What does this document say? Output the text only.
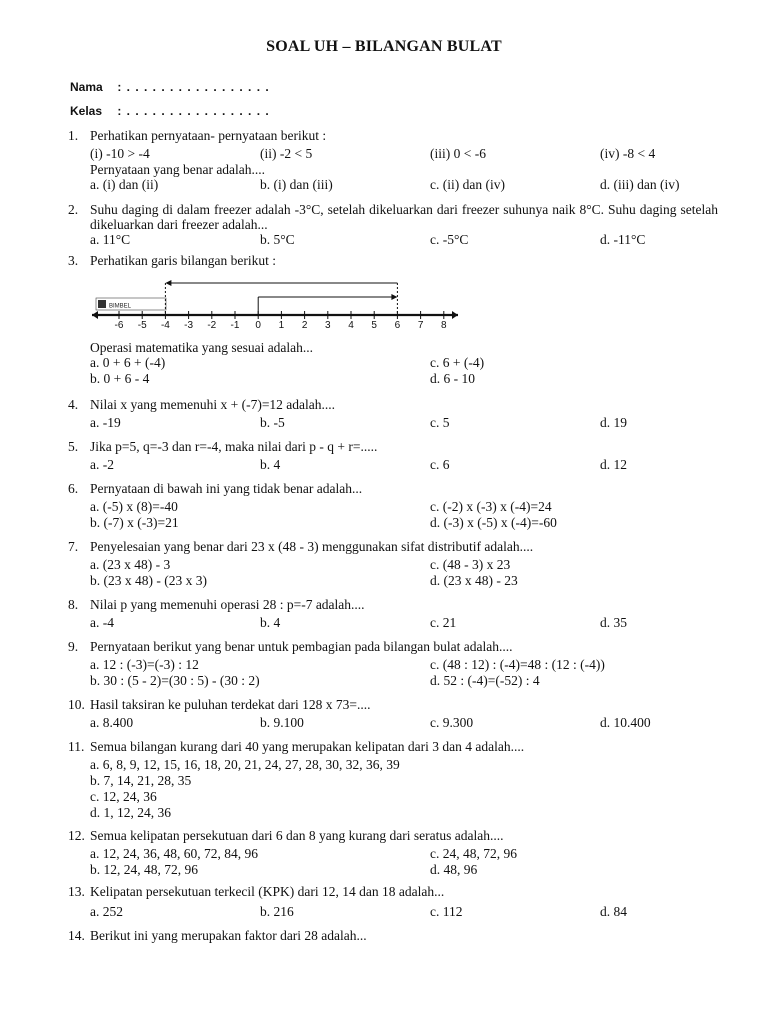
SOAL UH – BILANGAN BULAT
Nama : . . . . . . . . . . . . . . . . .
Kelas : . . . . . . . . . . . . . . . . .
1. Perhatikan pernyataan- pernyataan berikut :
(i) -10 > -4	(ii) -2 < 5	(iii) 0 < -6	(iv) -8 < 4
Pernyataan yang benar adalah....
a. (i) dan (ii)	b. (i) dan (iii)	c. (ii) dan (iv)	d. (iii) dan (iv)
2. Suhu daging di dalam freezer adalah -3°C, setelah dikeluarkan dari freezer suhunya naik 8°C. Suhu daging setelah dikeluarkan dari freezer adalah...
a. 11°C	b. 5°C	c. -5°C	d. -11°C
3. Perhatikan garis bilangan berikut :
BIMBEL
-6 -5 -4 -3 -2 -1 0 1 2 3 4 5 6 7 8
Operasi matematika yang sesuai adalah...
a. 0 + 6 + (-4)	c. 6 + (-4)
b. 0 + 6 - 4	d. 6 - 10
4. Nilai x yang memenuhi x + (-7)=12 adalah....
a. -19	b. -5	c. 5	d. 19
5. Jika p=5, q=-3 dan r=-4, maka nilai dari p - q + r=.....
a. -2	b. 4	c. 6	d. 12
6. Pernyataan di bawah ini yang tidak benar adalah...
a. (-5) x (8)=-40	c. (-2) x (-3) x (-4)=24
b. (-7) x (-3)=21	d. (-3) x (-5) x (-4)=-60
7. Penyelesaian yang benar dari 23 x (48 - 3) menggunakan sifat distributif adalah....
a. (23 x 48) - 3	c. (48 - 3) x 23
b. (23 x 48) - (23 x 3)	d. (23 x 48) - 23
8. Nilai p yang memenuhi operasi 28 : p=-7 adalah....
a. -4	b. 4	c. 21	d. 35
9. Pernyataan berikut yang benar untuk pembagian pada bilangan bulat adalah....
a. 12 : (-3)=(-3) : 12	c. (48 : 12) : (-4)=48 : (12 : (-4))
b. 30 : (5 - 2)=(30 : 5) - (30 : 2)	d. 52 : (-4)=(-52) : 4
10. Hasil taksiran ke puluhan terdekat dari 128 x 73=....
a. 8.400	b. 9.100	c. 9.300	d. 10.400
11. Semua bilangan kurang dari 40 yang merupakan kelipatan dari 3 dan 4 adalah....
a. 6, 8, 9, 12, 15, 16, 18, 20, 21, 24, 27, 28, 30, 32, 36, 39
b. 7, 14, 21, 28, 35
c. 12, 24, 36
d. 1, 12, 24, 36
12. Semua kelipatan persekutuan dari 6 dan 8 yang kurang dari seratus adalah....
a. 12, 24, 36, 48, 60, 72, 84, 96	c. 24, 48, 72, 96
b. 12, 24, 48, 72, 96	d. 48, 96
13. Kelipatan persekutuan terkecil (KPK) dari 12, 14 dan 18 adalah...
a. 252	b. 216	c. 112	d. 84
14. Berikut ini yang merupakan faktor dari 28 adalah...
